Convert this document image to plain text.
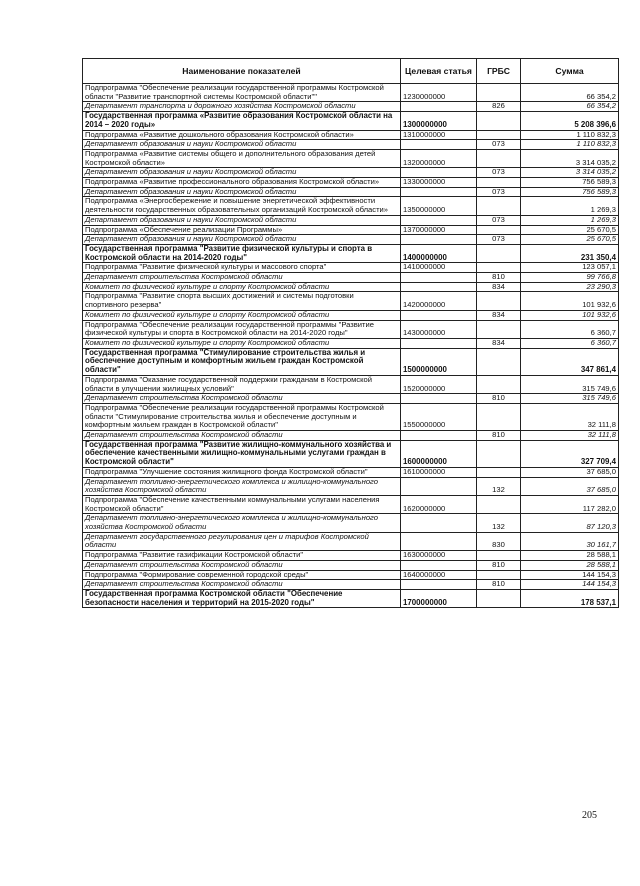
Наименование показателей	Целевая статья	ГРБС	Сумма
Подпрограмма "Обеспечение реализации государственной программы Костромской области "Развитие транспортной системы Костромской области""	1230000000		66 354,2
Департамент транспорта и дорожного хозяйства Костромской области		826	66 354,2
Государственная программа «Развитие образования Костромской области на 2014 – 2020 годы»	1300000000		5 208 396,6
Подпрограмма «Развитие дошкольного образования Костромской области»	1310000000		1 110 832,3
Департамент образования и науки Костромской области		073	1 110 832,3
Подпрограмма «Развитие системы общего и дополнительного образования детей Костромской области»	1320000000		3 314 035,2
Департамент образования и науки Костромской области		073	3 314 035,2
Подпрограмма «Развитие профессионального образования Костромской области»	1330000000		756 589,3
Департамент образования и науки Костромской области		073	756 589,3
Подпрограмма «Энергосбережение и повышение энергетической эффективности деятельности государственных образовательных организаций Костромской области»	1350000000		1 269,3
Департамент образования и науки Костромской области		073	1 269,3
Подпрограмма «Обеспечение реализации Программы»	1370000000		25 670,5
Департамент образования и науки Костромской области		073	25 670,5
Государственная программа "Развитие физической культуры и спорта в Костромской области на 2014-2020 годы"	1400000000		231 350,4
Подпрограмма "Развитие физической культуры и массового спорта"	1410000000		123 057,1
Департамент строительства Костромской области		810	99 766,8
Комитет по физической культуре и спорту Костромской области		834	23 290,3
Подпрограмма "Развитие спорта высших достижений и системы подготовки спортивного резерва"	1420000000		101 932,6
Комитет по физической культуре и спорту Костромской области		834	101 932,6
Подпрограмма "Обеспечение реализации государственной программы "Развитие физической культуры и спорта в Костромской области на 2014-2020 годы"	1430000000		6 360,7
Комитет по физической культуре и спорту Костромской области		834	6 360,7
Государственная программа "Стимулирование строительства жилья и обеспечение доступным и комфортным жильем граждан Костромской области"	1500000000		347 861,4
Подпрограмма "Оказание государственной поддержки гражданам в Костромской области в улучшении жилищных условий"	1520000000		315 749,6
Департамент строительства Костромской области		810	315 749,6
Подпрограмма "Обеспечение реализации государственной программы Костромской области "Стимулирование строительства жилья и обеспечение доступным и комфортным жильем граждан в Костромской области"	1550000000		32 111,8
Департамент строительства Костромской области		810	32 111,8
Государственная программа "Развитие жилищно-коммунального хозяйства и обеспечение качественными жилищно-коммунальными услугами граждан в Костромской области"	1600000000		327 709,4
Подпрограмма "Улучшение состояния жилищного фонда Костромской области"	1610000000		37 685,0
Департамент топливно-энергетического комплекса и жилищно-коммунального хозяйства Костромской области		132	37 685,0
Подпрограмма "Обеспечение качественными коммунальными услугами населения Костромской области"	1620000000		117 282,0
Департамент топливно-энергетического комплекса и жилищно-коммунального хозяйства Костромской области		132	87 120,3
Департамент государственного регулирования цен и тарифов Костромской области		830	30 161,7
Подпрограмма "Развитие газификации Костромской области"	1630000000		28 588,1
Департамент строительства Костромской области		810	28 588,1
Подпрограмма "Формирование современной городской среды"	1640000000		144 154,3
Департамент строительства Костромской области		810	144 154,3
Государственная программа Костромской области "Обеспечение безопасности населения и территорий на 2015-2020 годы"	1700000000		178 537,1
205
